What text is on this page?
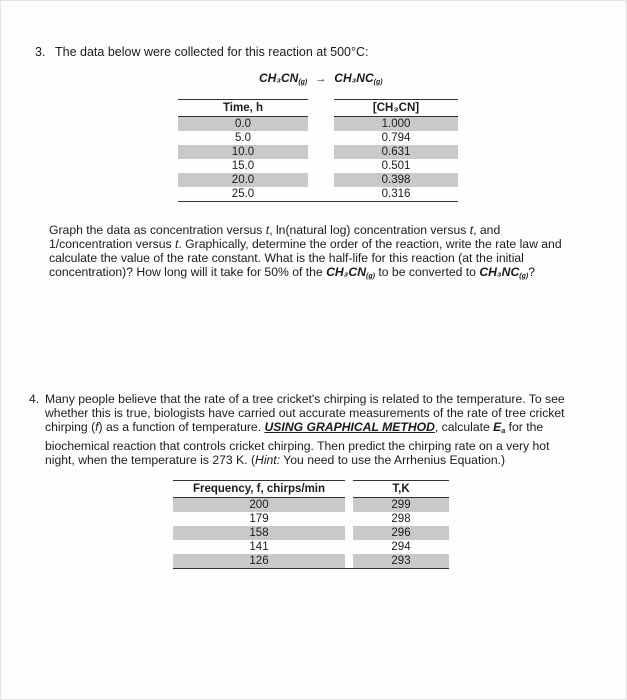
3. The data below were collected for this reaction at 500°C:
$CH_3CN_{(g)} \to CH_3NC_{(g)}$
Time, h		[CH₃CN]
0.0		1.000
5.0		0.794
10.0		0.631
15.0		0.501
20.0		0.398
25.0		0.316
Graph the data as concentration versus t, ln(natural log) concentration versus t, and
1/concentration versus t. Graphically, determine the order of the reaction, write the rate law and
calculate the value of the rate constant. What is the half-life for this reaction (at the initial
concentration)? How long will it take for 50% of the $CH_3CN_{(g)}$ to be converted to $CH_3NC_{(g)}$?
4. Many people believe that the rate of a tree cricket's chirping is related to the temperature. To see
whether this is true, biologists have carried out accurate measurements of the rate of tree cricket
chirping (f) as a function of temperature. USING GRAPHICAL METHOD, calculate $E_a$ for the
biochemical reaction that controls cricket chirping. Then predict the chirping rate on a very hot
night, when the temperature is 273 K. (Hint: You need to use the Arrhenius Equation.)
Frequency, f, chirps/min		T,K
200		299
179		298
158		296
141		294
126		293
